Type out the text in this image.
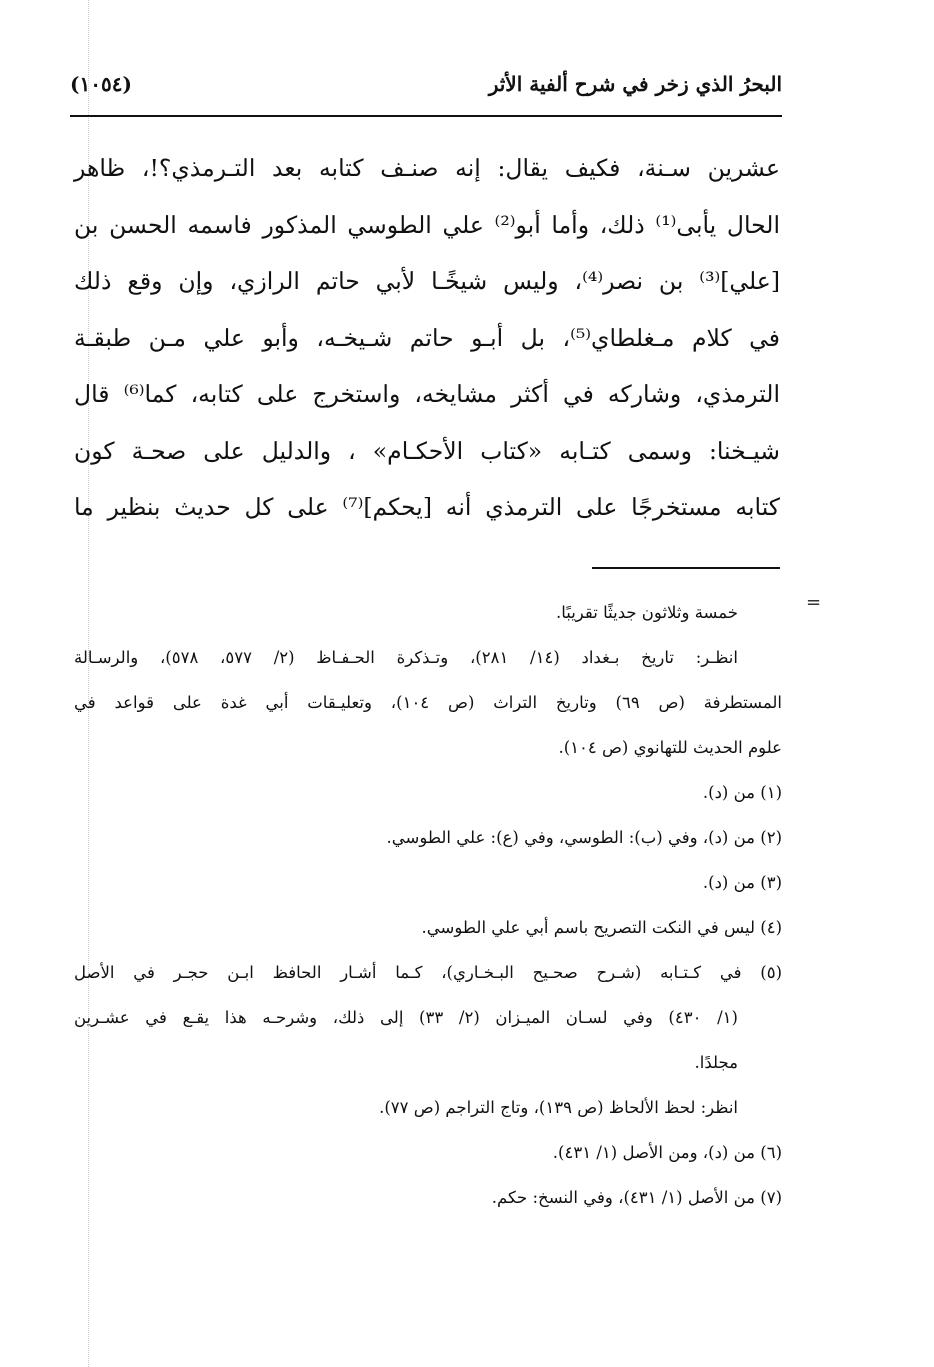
البحرُ الذي زخر في شرح ألفية الأثر
(١٠٥٤)
عشرين سـنة، فكيف يقال: إنه صنـف كتابه بعد التـرمذي؟!، ظاهر
الحال يأبى⁽¹⁾ ذلك، وأما أبو⁽²⁾ علي الطوسي المذكور فاسمه الحسن بن
[علي]⁽³⁾ بن نصر⁽⁴⁾، وليس شيخًـا لأبي حاتم الرازي، وإن وقع ذلك
في كلام مـغلطاي⁽⁵⁾، بل أبـو حاتم شـيخـه، وأبو علي مـن طبقـة
الترمذي، وشاركه في أكثر مشايخه، واستخرج على كتابه، كما⁽⁶⁾ قال
شيـخنا: وسمى كتـابه «كتاب الأحكـام» ، والدليل على صحـة كون
كتابه مستخرجًا على الترمذي أنه [يحكم]⁽⁷⁾ على كل حديث بنظير ما
=
خمسة وثلاثون جديثًا تقريبًا.
انظـر: تاريخ بـغداد (١٤/ ٢٨١)، وتـذكرة الحـفـاظ (٢/ ٥٧٧، ٥٧٨)، والرسـالة
المستطرفة (ص ٦٩) وتاريخ التراث (ص ١٠٤)، وتعليـقات أبي غدة على قواعد في
علوم الحديث للتهانوي (ص ١٠٤).
(١) من (د).
(٢) من (د)، وفي (ب): الطوسي، وفي (ع): علي الطوسي.
(٣) من (د).
(٤) ليس في النكت التصريح باسم أبي علي الطوسي.
(٥) في كـتـابه (شـرح صحـيح البـخـاري)، كـما أشـار الحافظ ابـن حجـر في الأصل
(١/ ٤٣٠) وفي لسـان الميـزان (٢/ ٣٣) إلى ذلك، وشرحـه هذا يقـع في عشـرين
مجلدًا.
انظر: لحظ الألحاظ (ص ١٣٩)، وتاج التراجم (ص ٧٧).
(٦) من (د)، ومن الأصل (١/ ٤٣١).
(٧) من الأصل (١/ ٤٣١)، وفي النسخ: حكم.
